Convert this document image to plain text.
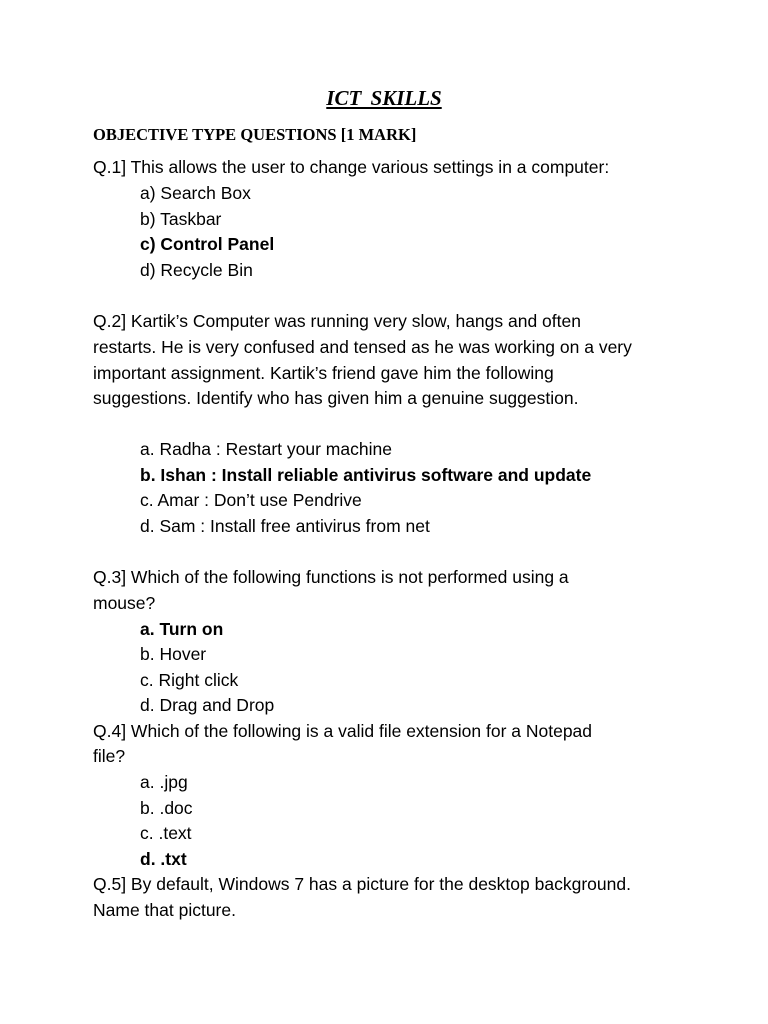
ICT SKILLS
OBJECTIVE TYPE QUESTIONS [1 MARK]
Q.1] This allows the user to change various settings in a computer:
a) Search Box
b) Taskbar
c) Control Panel
d) Recycle Bin
Q.2] Kartik’s Computer was running very slow, hangs and often
restarts. He is very confused and tensed as he was working on a very
important assignment. Kartik’s friend gave him the following
suggestions. Identify who has given him a genuine suggestion.
a. Radha : Restart your machine
b. Ishan : Install reliable antivirus software and update
c. Amar : Don’t use Pendrive
d. Sam : Install free antivirus from net
Q.3] Which of the following functions is not performed using a
mouse?
a. Turn on
b. Hover
c. Right click
d. Drag and Drop
Q.4] Which of the following is a valid file extension for a Notepad
file?
a. .jpg
b. .doc
c. .text
d. .txt
Q.5] By default, Windows 7 has a picture for the desktop background.
Name that picture.
